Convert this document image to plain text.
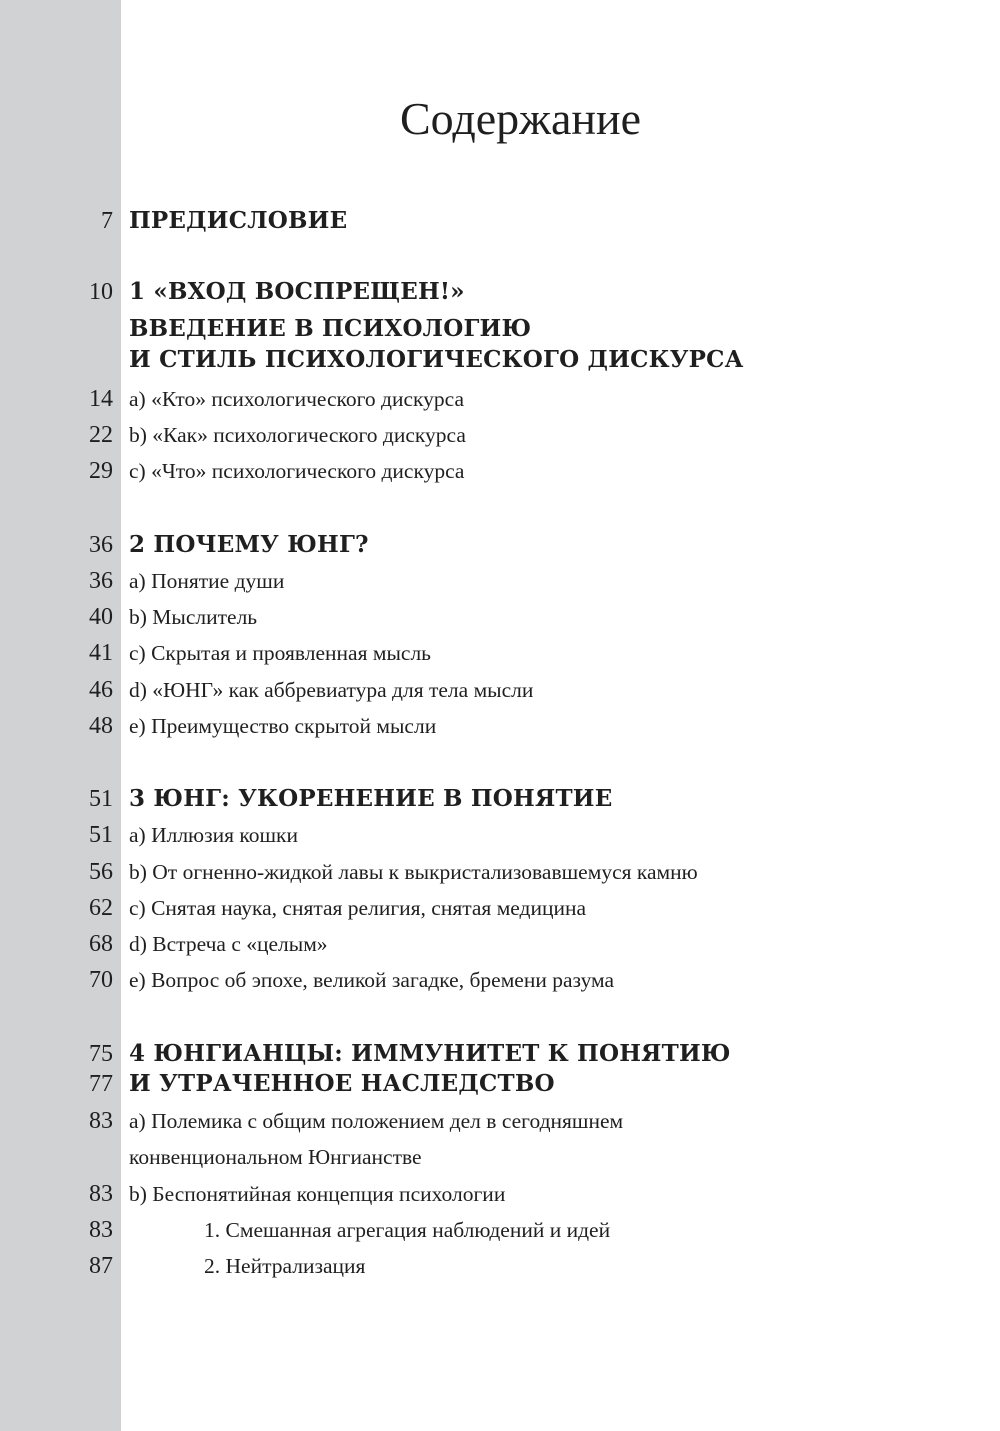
Содержание
7 ПРЕДИСЛОВИЕ
10 1 «ВХОД ВОСПРЕЩЕН!»
ВВЕДЕНИЕ В ПСИХОЛОГИЮ
И СТИЛЬ ПСИХОЛОГИЧЕСКОГО ДИСКУРСА
14 a) «Кто» психологического дискурса
22 b) «Как» психологического дискурса
29 c) «Что» психологического дискурса
36 2 ПОЧЕМУ ЮНГ?
36 a) Понятие души
40 b) Мыслитель
41 c) Скрытая и проявленная мысль
46 d) «ЮНГ» как аббревиатура для тела мысли
48 e) Преимущество скрытой мысли
51 3 ЮНГ: УКОРЕНЕНИЕ В ПОНЯТИЕ
51 a) Иллюзия кошки
56 b) От огненно-жидкой лавы к выкристализовавшемуся камню
62 c) Снятая наука, снятая религия, снятая медицина
68 d) Встреча с «целым»
70 e) Вопрос об эпохе, великой загадке, бремени разума
75 4 ЮНГИАНЦЫ: ИММУНИТЕТ К ПОНЯТИЮ
77 И УТРАЧЕННОЕ НАСЛЕДСТВО
83 a) Полемика с общим положением дел в сегодняшнем
конвенциональном Юнгианстве
83 b) Беспонятийная концепция психологии
83	1. Смешанная агрегация наблюдений и идей
87	2. Нейтрализация
